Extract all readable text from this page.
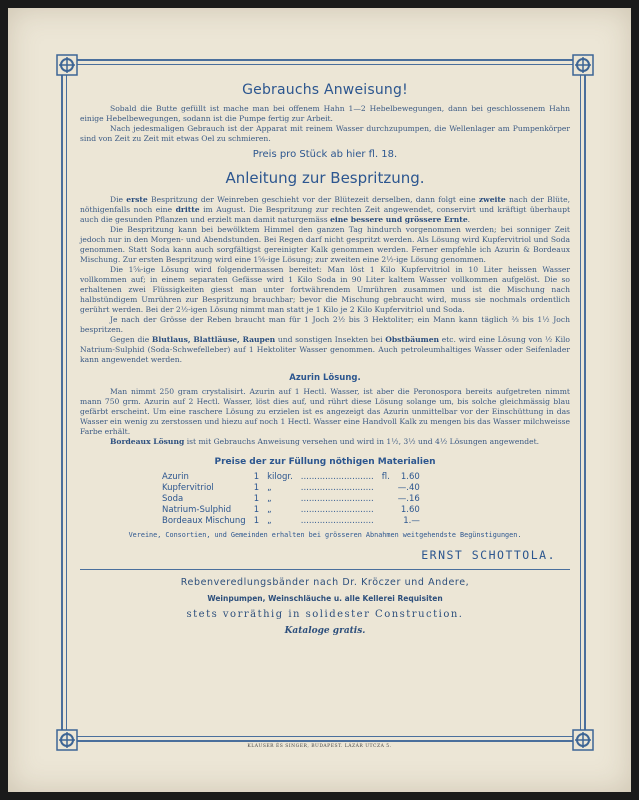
Gebrauchs Anweisung!

Sobald die Butte gefüllt ist mache man bei offenem Hahn 1—2 Hebelbewegungen, dann bei geschlossenem Hahn einige Hebelbewegungen, sodann ist die Pumpe fertig zur Arbeit.

Nach jedesmaligen Gebrauch ist der Apparat mit reinem Wasser durchzupumpen, die Wellenlager am Pumpenkörper sind von Zeit zu Zeit mit etwas Oel zu schmieren.

Preis pro Stück ab hier fl. 18.
Anleitung zur Bespritzung.

Die erste Bespritzung der Weinreben geschieht vor der Blütezeit derselben, dann folgt eine zweite nach der Blüte, nöthigenfalls noch eine dritte im August. Die Bespritzung zur rechten Zeit angewendet, conservirt und kräftigt überhaupt auch die gesunden Pflanzen und erzielt man damit naturgemäss eine bessere und grössere Ernte.

Die Bespritzung kann bei bewölktem Himmel den ganzen Tag hindurch vorgenommen werden; bei sonniger Zeit jedoch nur in den Morgen- und Abendstunden. Bei Regen darf nicht gespritzt werden. Als Lösung wird Kupfervitriol und Soda genommen. Statt Soda kann auch sorgfältigst gereinigter Kalk genommen werden. Ferner empfehle ich Azurin & Bordeaux Mischung. Zur ersten Bespritzung wird eine 1⅝-ige Lösung; zur zweiten eine 2½-ige Lösung genommen.

Die 1⅝-ige Lösung wird folgendermassen bereitet: Man löst 1 Kilo Kupfervitriol in 10 Liter heissen Wasser vollkommen auf; in einem separaten Gefässe wird 1 Kilo Soda in 90 Liter kaltem Wasser vollkommen aufgelöst. Die so erhaltenen zwei Flüssigkeiten giesst man unter fortwährendem Umrühren zusammen und ist die Mischung nach halbstündigem Umrühren zur Bespritzung brauchbar; bevor die Mischung gebraucht wird, muss sie nochmals ordentlich gerührt werden. Bei der 2½-igen Lösung nimmt man statt je 1 Kilo je 2 Kilo Kupfervitriol und Soda.

Je nach der Grösse der Reben braucht man für 1 Joch 2½ bis 3 Hektoliter; ein Mann kann täglich ⅔ bis 1½ Joch bespritzen.

Gegen die Blutlaus, Blattläuse, Raupen und sonstigen Insekten bei Obstbäumen etc. wird eine Lösung von ½ Kilo Natrium-Sulphid (Soda-Schwefelleber) auf 1 Hektoliter Wasser genommen. Auch petroleumhaltiges Wasser oder Seifenlader kann angewendet werden.

Azurin Lösung.

Man nimmt 250 gram crystalisirt. Azurin auf 1 Hectl. Wasser, ist aber die Peronospora bereits aufgetreten nimmt mann 750 grm. Azurin auf 2 Hectl. Wasser, löst dies auf, und rührt diese Lösung solange um, bis solche gleichmässig blau gefärbt erscheint. Um eine raschere Lösung zu erzielen ist es angezeigt das Azurin unmittelbar vor der Einschüttung in das Wasser ein wenig zu zerstossen und hiezu auf noch 1 Hectl. Wasser eine Handvoll Kalk zu mengen bis das Wasser milchweisse Farbe erhält.

Bordeaux Lösung ist mit Gebrauchs Anweisung versehen und wird in 1½, 3½ und 4½ Lösungen angewendet.

Preise der zur Füllung nöthigen Materialien
Azurin	1	kilogr.	...........................	fl.	1.60
Kupfervitriol	1	„	...........................		—.40
Soda	1	„	...........................		—.16
Natrium-Sulphid	1	„	...........................		1.60
Bordeaux Mischung	1	„	...........................		1.—
Vereine, Consortien, und Gemeinden erhalten bei grösseren Abnahmen weitgehendste Begünstigungen.
ERNST SCHOTTOLA.
Rebenveredlungsbänder nach Dr. Kröczer und Andere,
Weinpumpen, Weinschläuche u. alle Kellerei Requisiten
stets vorräthig in solidester Construction.
Kataloge gratis.
KLAUSER ÉS SINGER, BUDAPEST. LÁZÁR UTCZA 5.
